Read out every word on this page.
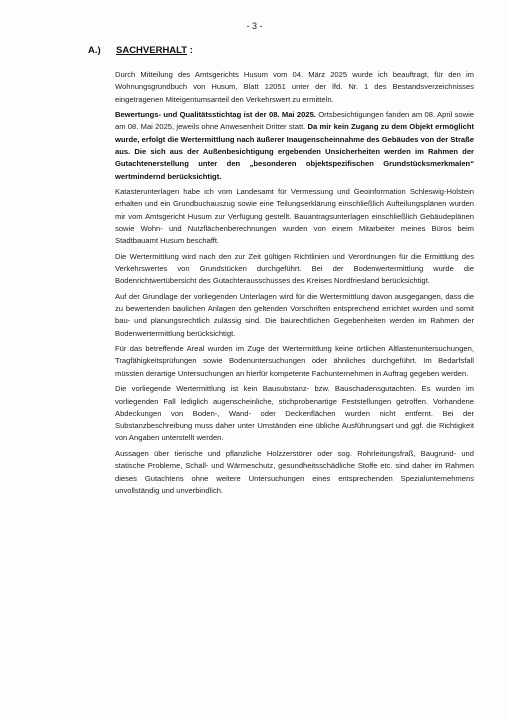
- 3 -
A.) SACHVERHALT :

Durch Mitteilung des Amtsgerichts Husum vom 04. März 2025 wurde ich beauftragt, für den im Wohnungsgrundbuch von Husum, Blatt 12051 unter der lfd. Nr. 1 des Bestandsverzeichnisses eingetragenen Miteigentumsanteil den Verkehrswert zu ermitteln.

Bewertungs- und Qualitätsstichtag ist der 08. Mai 2025. Ortsbesichtigungen fanden am 08. April sowie am 08. Mai 2025, jeweils ohne Anwesenheit Dritter statt. Da mir kein Zugang zu dem Objekt ermöglicht wurde, erfolgt die Wertermittlung nach äußerer Inaugenscheinnahme des Gebäudes von der Straße aus. Die sich aus der Außenbesichtigung ergebenden Unsicherheiten werden im Rahmen der Gutachtenerstellung unter den „besonderen objektspezifischen Grundstücksmerkmalen“ wertmindernd berücksichtigt.

Katasterunterlagen habe ich vom Landesamt für Vermessung und Geoinformation Schleswig-Holstein erhalten und ein Grundbuchauszug sowie eine Teilungserklärung einschließlich Aufteilungsplänen wurden mir vom Amtsgericht Husum zur Verfügung gestellt. Bauantragsunterlagen einschließlich Gebäudeplänen sowie Wohn- und Nutzflächenberechnungen wurden von einem Mitarbeiter meines Büros beim Stadtbauamt Husum beschafft.

Die Wertermittlung wird nach den zur Zeit gültigen Richtlinien und Verordnungen für die Ermittlung des Verkehrswertes von Grundstücken durchgeführt. Bei der Bodenwertermittlung wurde die Bodenrichtwertübersicht des Gutachterausschusses des Kreises Nordfriesland berücksichtigt.

Auf der Grundlage der vorliegenden Unterlagen wird für die Wertermittlung davon ausgegangen, dass die zu bewertenden baulichen Anlagen den geltenden Vorschriften entsprechend errichtet wurden und somit bau- und planungsrechtlich zulässig sind. Die baurechtlichen Gegebenheiten werden im Rahmen der Bodenwertermittlung berücksichtigt.

Für das betreffende Areal wurden im Zuge der Wertermittlung keine örtlichen Altlastenuntersuchungen, Tragfähigkeitsprüfungen sowie Bodenuntersuchungen oder ähnliches durchgeführt. Im Bedarfsfall müssten derartige Untersuchungen an hierfür kompetente Fachunternehmen in Auftrag gegeben werden.

Die vorliegende Wertermittlung ist kein Bausubstanz- bzw. Bauschadensgutachten. Es wurden im vorliegenden Fall lediglich augenscheinliche, stichprobenartige Feststellungen getroffen. Vorhandene Abdeckungen von Boden-, Wand- oder Deckenflächen wurden nicht entfernt. Bei der Substanzbeschreibung muss daher unter Umständen eine übliche Ausführungsart und ggf. die Richtigkeit von Angaben unterstellt werden.

Aussagen über tierische und pflanzliche Holzzerstörer oder sog. Rohrleitungsfraß, Baugrund- und statische Probleme, Schall- und Wärmeschutz, gesundheitsschädliche Stoffe etc. sind daher im Rahmen dieses Gutachtens ohne weitere Untersuchungen eines entsprechenden Spezialunternehmens unvollständig und unverbindlich.
